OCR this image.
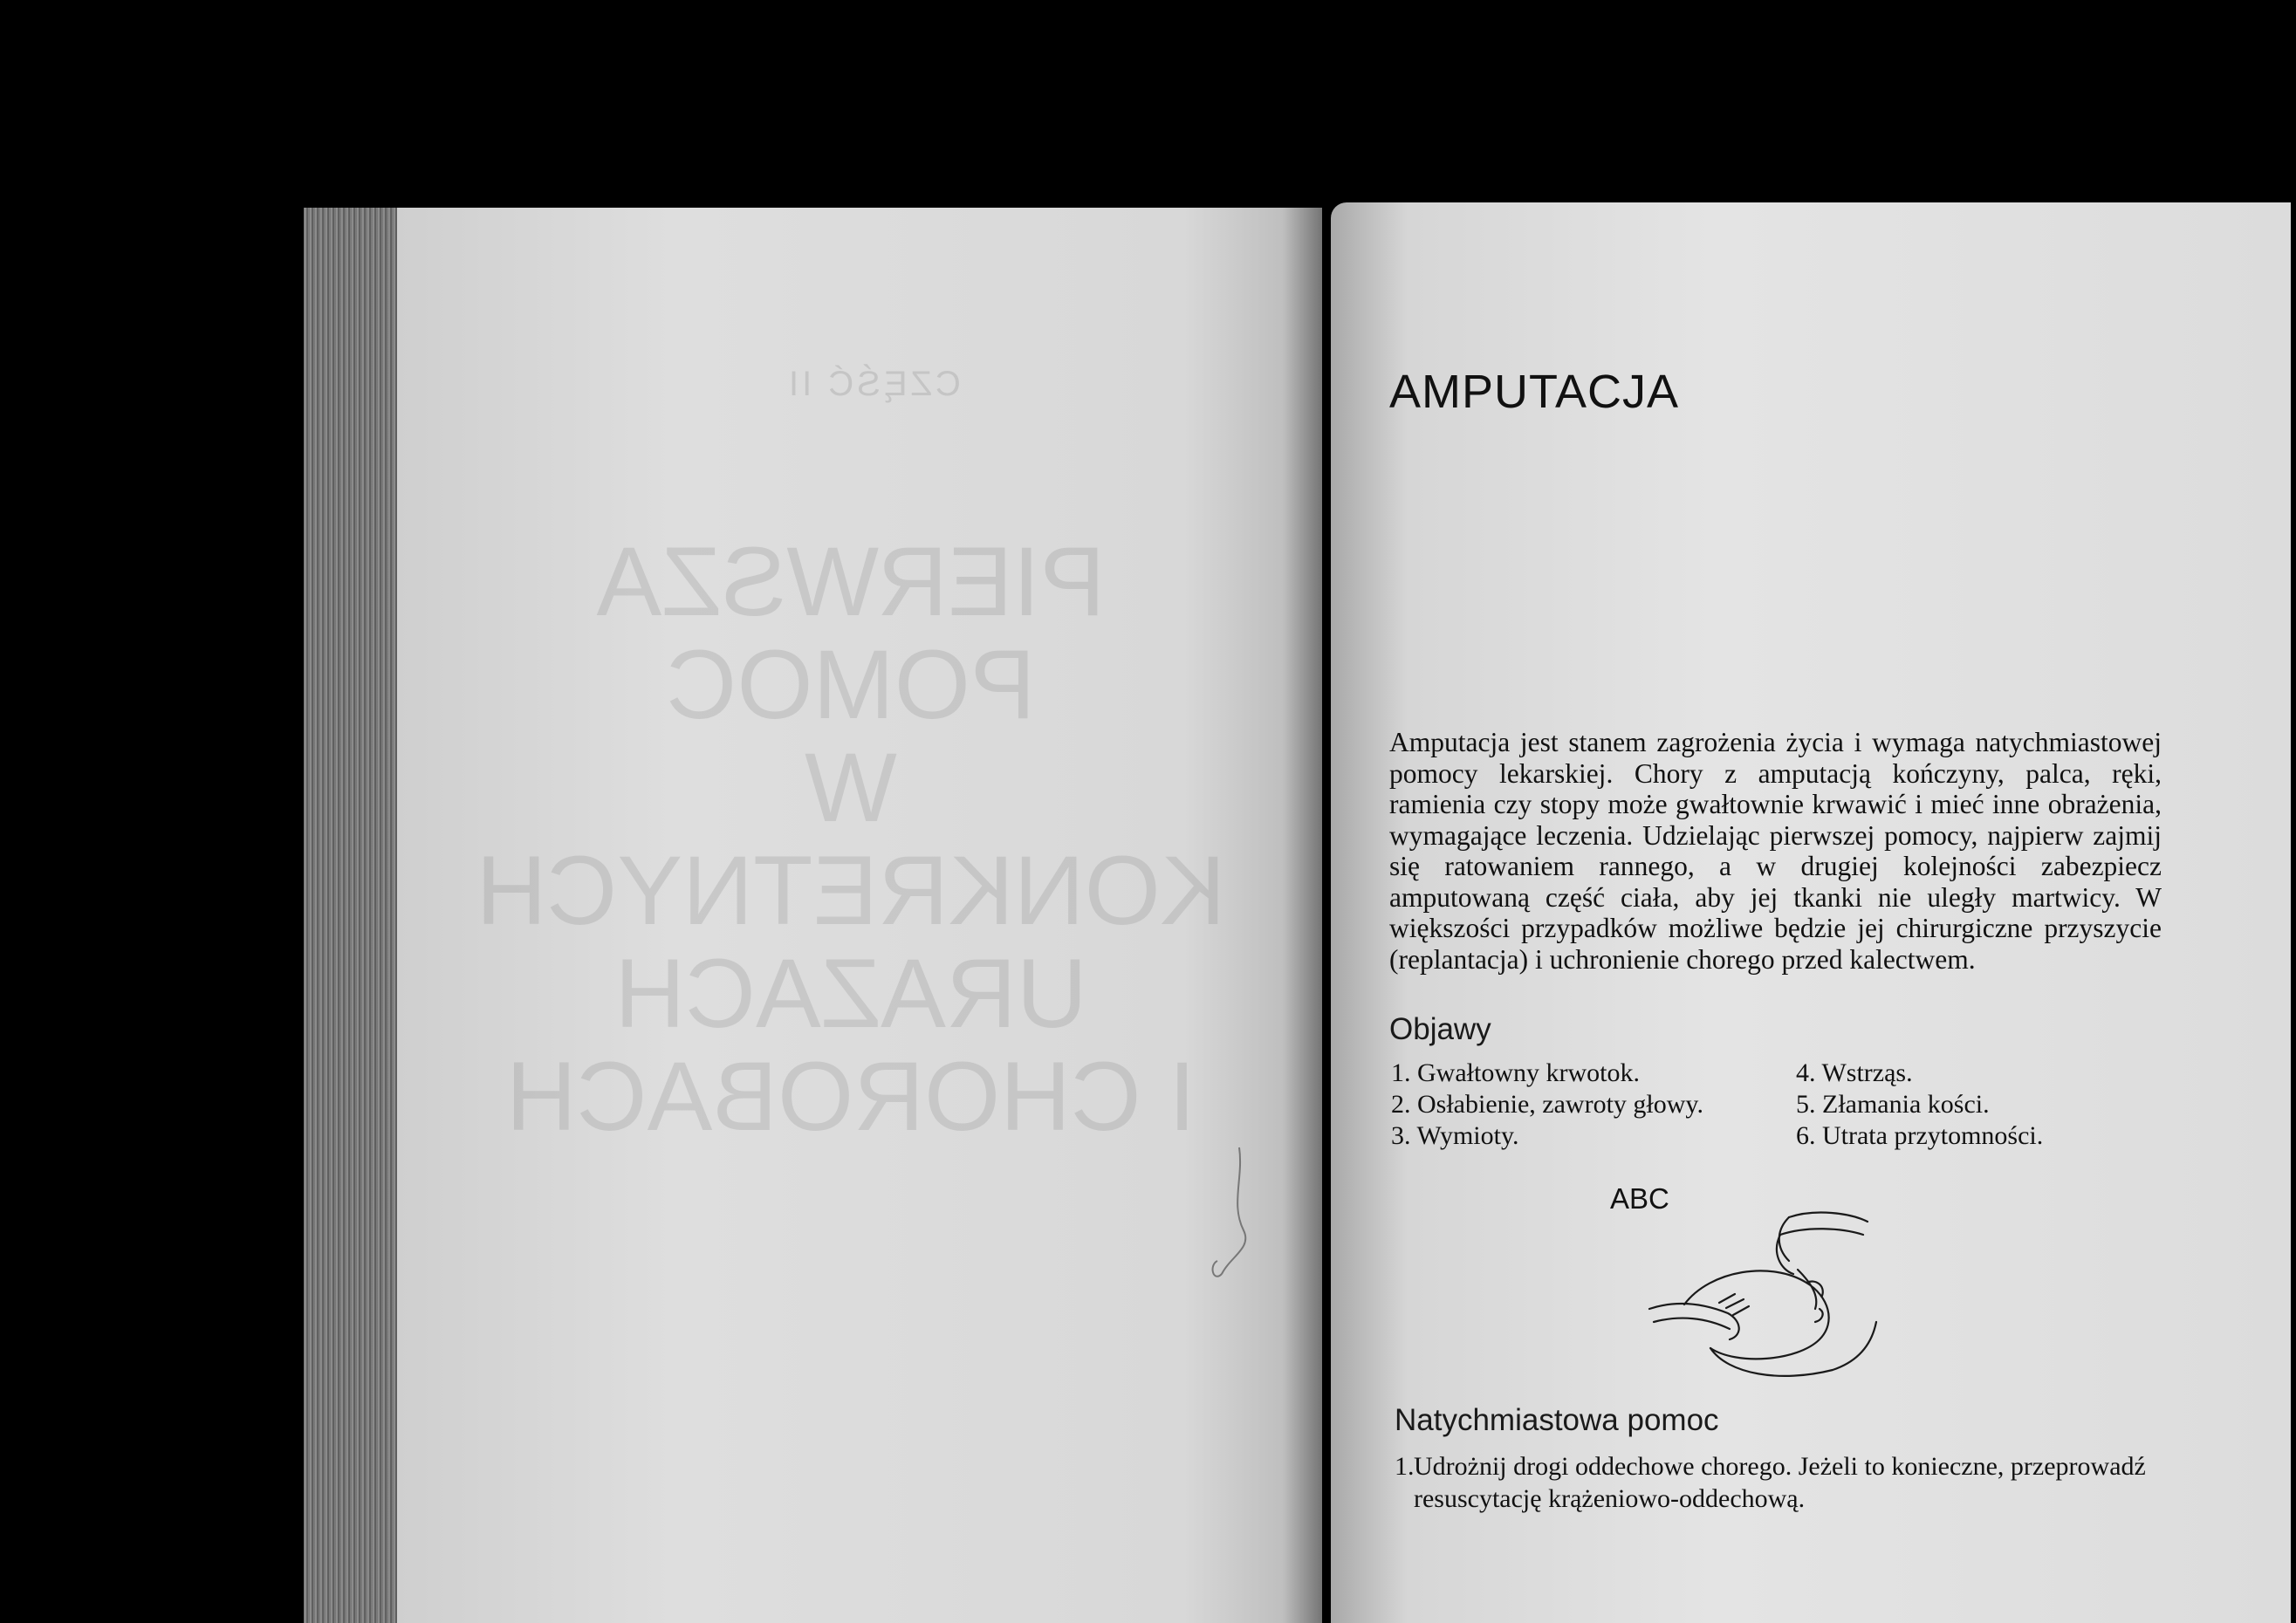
CZĘŚĆ II
PIERWSZA
POMOC
W KONKRETNYCH
URAZACH
I CHOROBACH
AMPUTACJA
Amputacja jest stanem zagrożenia życia i wymaga natychmiastowej pomocy lekarskiej. Chory z amputacją kończyny, palca, ręki, ramienia czy stopy może gwałtownie krwawić i mieć inne obrażenia, wymagające leczenia. Udzielając pierwszej pomocy, najpierw zajmij się ratowaniem rannego, a w drugiej kolejności zabezpiecz amputowaną część ciała, aby jej tkanki nie uległy martwicy. W większości przypadków możliwe będzie jej chirurgiczne przyszycie (replantacja) i uchronienie chorego przed kalectwem.
Objawy
1. Gwałtowny krwotok.
2. Osłabienie, zawroty głowy.
3. Wymioty.
4. Wstrząs.
5. Złamania kości.
6. Utrata przytomności.
ABC
Natychmiastowa pomoc
1. Udrożnij drogi oddechowe chorego. Jeżeli to konieczne, przeprowadź resuscytację krążeniowo-oddechową.
